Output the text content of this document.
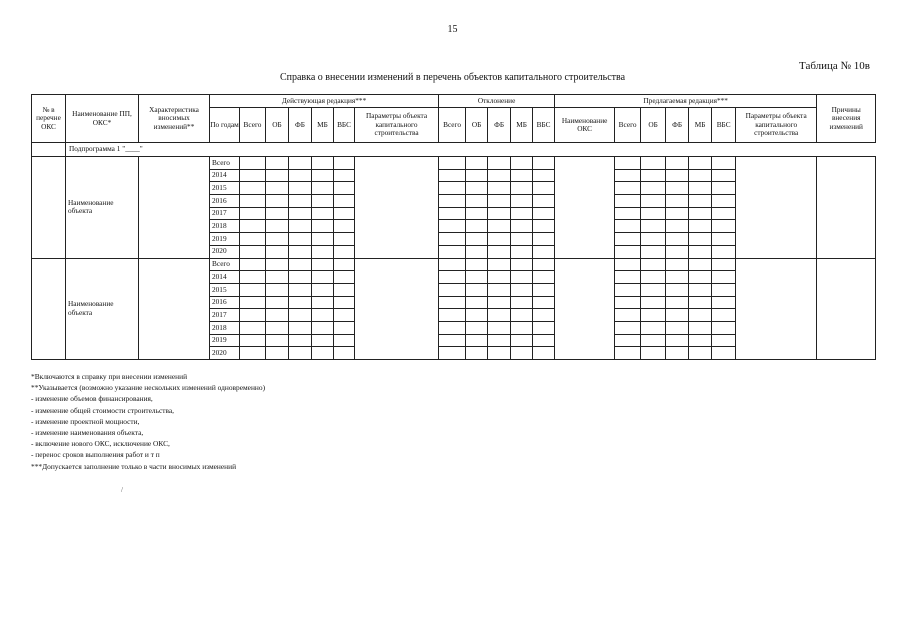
15
Таблица № 10в
Справка о внесении изменений в перечень объектов капитального строительства
№ в перечне ОКС	Наименование ПП, ОКС*	Характеристика вносимых изменений**	Действующая редакция***							Отклонение					Предлагаемая редакция***							Причины внесения изменений
			По годам	Всего	ОБ	ФБ	МБ	ВБС	Параметры объекта капитального строительства	Всего	ОБ	ФБ	МБ	ВБС	Наименование ОКС	Всего	ОБ	ФБ	МБ	ВБС	Параметры объекта капитального строительства	
	Подпрограмма 1 "____"																					
	Наименование объекта		Всего																			
			2014																			
			2015																			
			2016																			
			2017																			
			2018																			
			2019																			
			2020																			
	Наименование объекта		Всего																			
			2014																			
			2015																			
			2016																			
			2017																			
			2018																			
			2019																			
			2020																			
*Включаются в справку при внесении изменений
**Указывается (возможно указание нескольких изменений одновременно)
- изменение объемов финансирования,
- изменение общей стоимости строительства,
- изменение проектной мощности,
- изменение наименования объекта,
- включение нового ОКС, исключение ОКС,
- перенос сроков выполнения работ и т п
***Допускается заполнение только в части вносимых изменений
/
